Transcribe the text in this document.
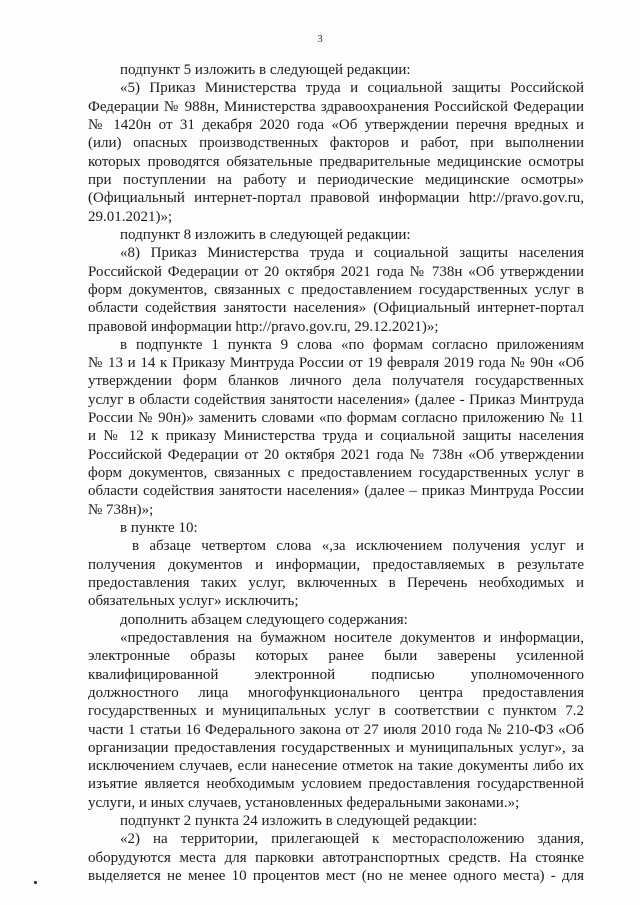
3
подпункт 5 изложить в следующей редакции:
«5) Приказ Министерства труда и социальной защиты Российской
Федерации № 988н, Министерства здравоохранения Российской Федерации
№ 1420н от 31 декабря 2020 года «Об утверждении перечня вредных и
(или) опасных производственных факторов и работ, при выполнении
которых проводятся обязательные предварительные медицинские осмотры
при поступлении на работу и периодические медицинские осмотры»
(Официальный интернет-портал правовой информации http://pravo.gov.ru,
29.01.2021)»;
подпункт 8 изложить в следующей редакции:
«8) Приказ Министерства труда и социальной защиты населения
Российской Федерации от 20 октября 2021 года № 738н «Об утверждении
форм документов, связанных с предоставлением государственных услуг в
области содействия занятости населения» (Официальный интернет-портал
правовой информации http://pravo.gov.ru, 29.12.2021)»;
в подпункте 1 пункта 9 слова «по формам согласно приложениям
№ 13 и 14 к Приказу Минтруда России от 19 февраля 2019 года № 90н «Об
утверждении форм бланков личного дела получателя государственных
услуг в области содействия занятости населения» (далее - Приказ Минтруда
России № 90н)» заменить словами «по формам согласно приложению № 11
и № 12 к приказу Министерства труда и социальной защиты населения
Российской Федерации от 20 октября 2021 года № 738н «Об утверждении
форм документов, связанных с предоставлением государственных услуг в
области содействия занятости населения» (далее – приказ Минтруда России
№ 738н)»;
в пункте 10:
в абзаце четвертом слова «,за исключением получения услуг и
получения документов и информации, предоставляемых в результате
предоставления таких услуг, включенных в Перечень необходимых и
обязательных услуг» исключить;
дополнить абзацем следующего содержания:
«предоставления на бумажном носителе документов и информации,
электронные образы которых ранее были заверены усиленной
квалифицированной электронной подписью уполномоченного
должностного лица многофункционального центра предоставления
государственных и муниципальных услуг в соответствии с пунктом 7.2
части 1 статьи 16 Федерального закона от 27 июля 2010 года № 210-ФЗ «Об
организации предоставления государственных и муниципальных услуг», за
исключением случаев, если нанесение отметок на такие документы либо их
изъятие является необходимым условием предоставления государственной
услуги, и иных случаев, установленных федеральными законами.»;
подпункт 2 пункта 24 изложить в следующей редакции:
«2) на территории, прилегающей к месторасположению здания,
оборудуются места для парковки автотранспортных средств. На стоянке
выделяется не менее 10 процентов мест (но не менее одного места) - для
